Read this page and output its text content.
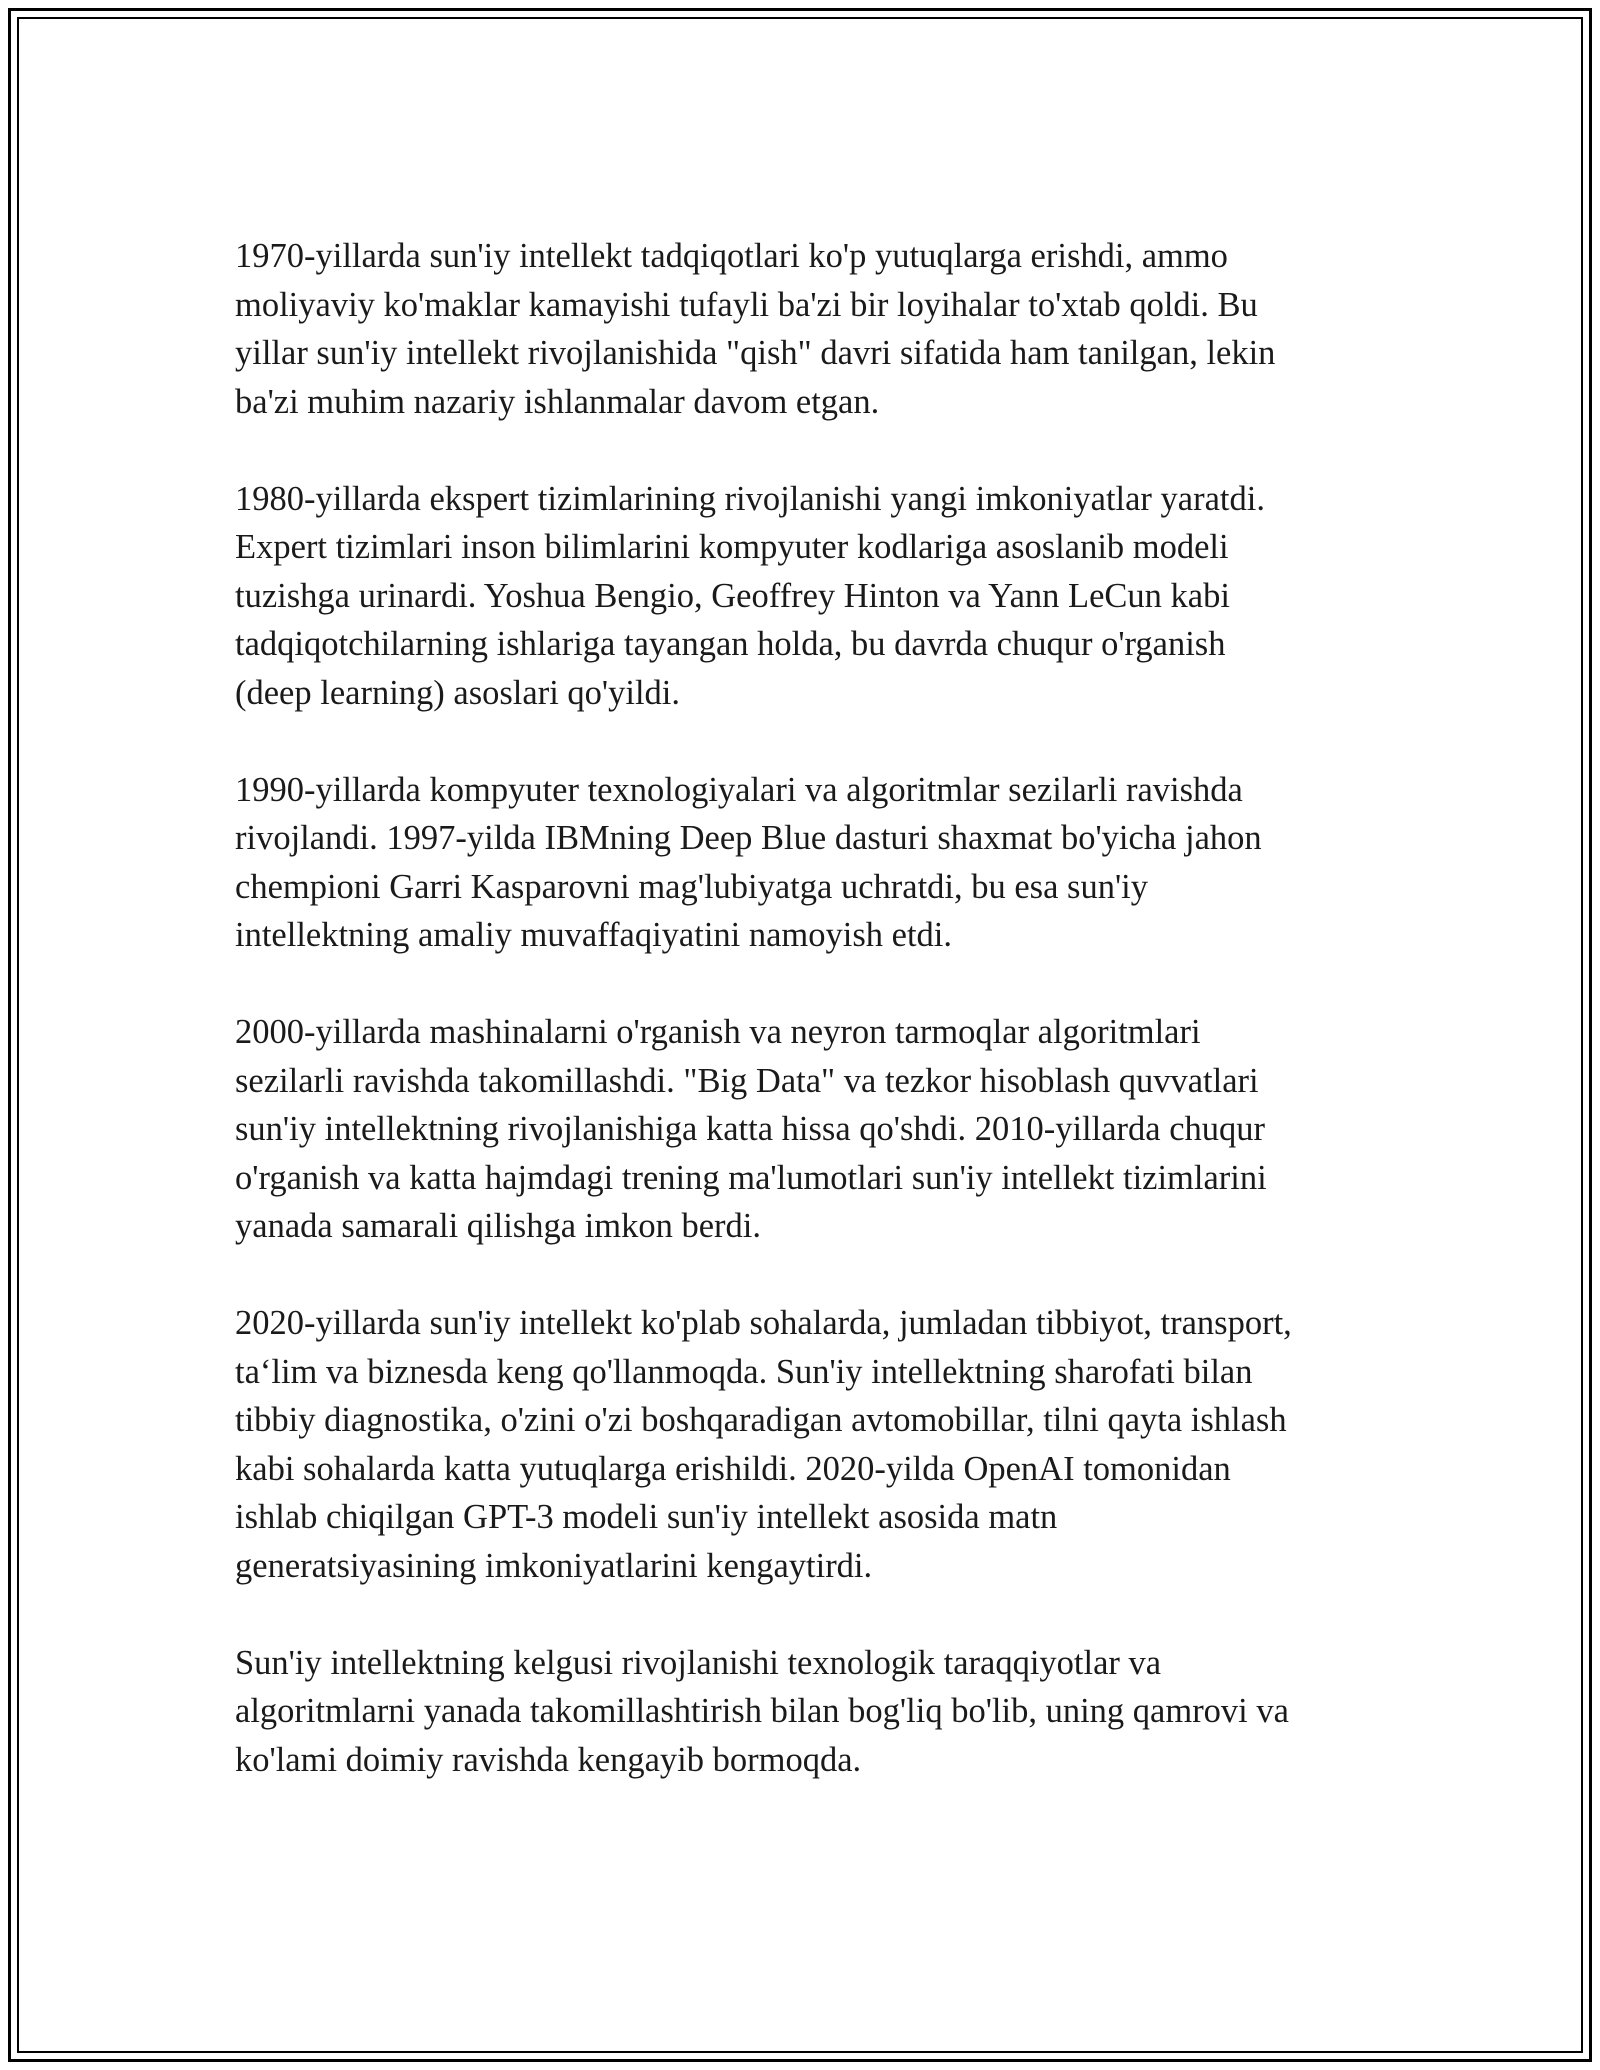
1970-yillarda sun'iy intellekt tadqiqotlari ko'p yutuqlarga erishdi, ammo
moliyaviy ko'maklar kamayishi tufayli ba'zi bir loyihalar to'xtab qoldi. Bu
yillar sun'iy intellekt rivojlanishida "qish" davri sifatida ham tanilgan, lekin
ba'zi muhim nazariy ishlanmalar davom etgan.

1980-yillarda ekspert tizimlarining rivojlanishi yangi imkoniyatlar yaratdi.
Expert tizimlari inson bilimlarini kompyuter kodlariga asoslanib modeli
tuzishga urinardi. Yoshua Bengio, Geoffrey Hinton va Yann LeCun kabi
tadqiqotchilarning ishlariga tayangan holda, bu davrda chuqur o'rganish
(deep learning) asoslari qo'yildi.

1990-yillarda kompyuter texnologiyalari va algoritmlar sezilarli ravishda
rivojlandi. 1997-yilda IBMning Deep Blue dasturi shaxmat bo'yicha jahon
chempioni Garri Kasparovni mag'lubiyatga uchratdi, bu esa sun'iy
intellektning amaliy muvaffaqiyatini namoyish etdi.

2000-yillarda mashinalarni o'rganish va neyron tarmoqlar algoritmlari
sezilarli ravishda takomillashdi. "Big Data" va tezkor hisoblash quvvatlari
sun'iy intellektning rivojlanishiga katta hissa qo'shdi. 2010-yillarda chuqur
o'rganish va katta hajmdagi trening ma'lumotlari sun'iy intellekt tizimlarini
yanada samarali qilishga imkon berdi.

2020-yillarda sun'iy intellekt ko'plab sohalarda, jumladan tibbiyot, transport,
ta‘lim va biznesda keng qo'llanmoqda. Sun'iy intellektning sharofati bilan
tibbiy diagnostika, o'zini o'zi boshqaradigan avtomobillar, tilni qayta ishlash
kabi sohalarda katta yutuqlarga erishildi. 2020-yilda OpenAI tomonidan
ishlab chiqilgan GPT-3 modeli sun'iy intellekt asosida matn
generatsiyasining imkoniyatlarini kengaytirdi.

Sun'iy intellektning kelgusi rivojlanishi texnologik taraqqiyotlar va
algoritmlarni yanada takomillashtirish bilan bog'liq bo'lib, uning qamrovi va
ko'lami doimiy ravishda kengayib bormoqda.
